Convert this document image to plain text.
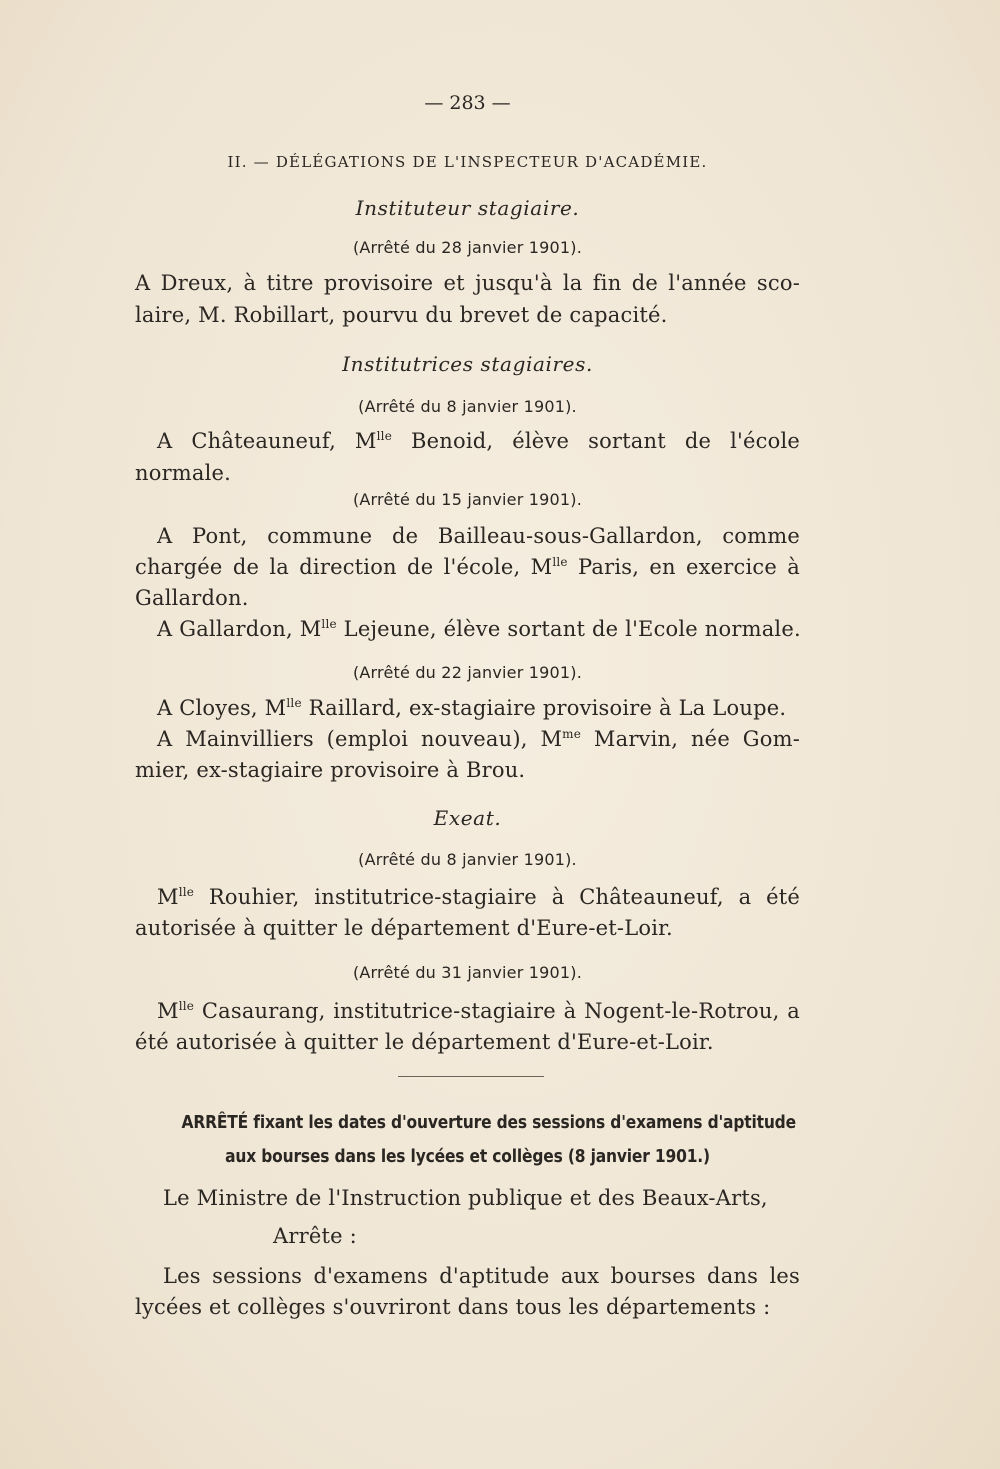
— 283 —
II. — DÉLÉGATIONS DE L'INSPECTEUR D'ACADÉMIE.
Instituteur stagiaire.
(Arrêté du 28 janvier 1901).
A Dreux, à titre provisoire et jusqu'à la fin de l'année sco-
laire, M. Robillart, pourvu du brevet de capacité.
Institutrices stagiaires.
(Arrêté du 8 janvier 1901).
A Châteauneuf, $M^{lle}$ Benoid, élève sortant de l'école
normale.
(Arrêté du 15 janvier 1901).
A Pont, commune de Bailleau-sous-Gallardon, comme
chargée de la direction de l'école, $M^{lle}$ Paris, en exercice à
Gallardon.
A Gallardon, $M^{lle}$ Lejeune, élève sortant de l'Ecole normale.
(Arrêté du 22 janvier 1901).
A Cloyes, $M^{lle}$ Raillard, ex-stagiaire provisoire à La Loupe.
A Mainvilliers (emploi nouveau), $M^{me}$ Marvin, née Gom-
mier, ex-stagiaire provisoire à Brou.
Exeat.
(Arrêté du 8 janvier 1901).
$M^{lle}$ Rouhier, institutrice-stagiaire à Châteauneuf, a été
autorisée à quitter le département d'Eure-et-Loir.
(Arrêté du 31 janvier 1901).
$M^{lle}$ Casaurang, institutrice-stagiaire à Nogent-le-Rotrou, a
été autorisée à quitter le département d'Eure-et-Loir.
ARRÊTÉ fixant les dates d'ouverture des sessions d'examens d'aptitude
aux bourses dans les lycées et collèges (8 janvier 1901.)
Le Ministre de l'Instruction publique et des Beaux-Arts,
Arrête :
Les sessions d'examens d'aptitude aux bourses dans les
lycées et collèges s'ouvriront dans tous les départements :
